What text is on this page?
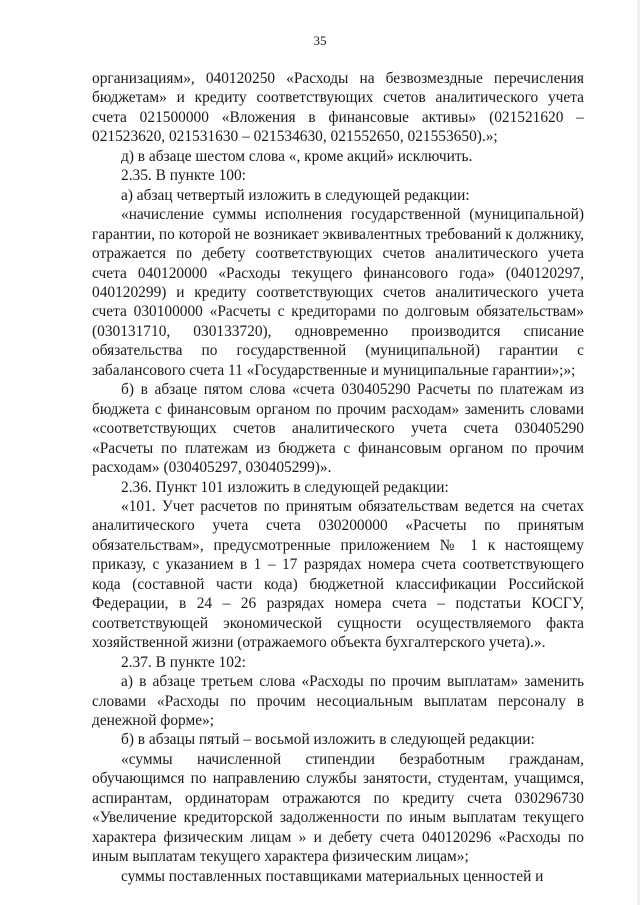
35

организациям», 040120250 «Расходы на безвозмездные перечисления бюджетам» и кредиту соответствующих счетов аналитического учета счета 021500000 «Вложения в финансовые активы» (021521620 – 021523620, 021531630 – 021534630, 021552650, 021553650).»;

д) в абзаце шестом слова «, кроме акций» исключить.

2.35. В пункте 100:

а) абзац четвертый изложить в следующей редакции:

«начисление суммы исполнения государственной (муниципальной) гарантии, по которой не возникает эквивалентных требований к должнику, отражается по дебету соответствующих счетов аналитического учета счета 040120000 «Расходы текущего финансового года» (040120297, 040120299) и кредиту соответствующих счетов аналитического учета счета 030100000 «Расчеты с кредиторами по долговым обязательствам» (030131710, 030133720), одновременно производится списание обязательства по государственной (муниципальной) гарантии с забалансового счета 11 «Государственные и муниципальные гарантии»;»;

б) в абзаце пятом слова «счета 030405290 Расчеты по платежам из бюджета с финансовым органом по прочим расходам» заменить словами «соответствующих счетов аналитического учета счета 030405290 «Расчеты по платежам из бюджета с финансовым органом по прочим расходам» (030405297, 030405299)».

2.36. Пункт 101 изложить в следующей редакции:

«101. Учет расчетов по принятым обязательствам ведется на счетах аналитического учета счета 030200000 «Расчеты по принятым обязательствам», предусмотренные приложением № 1 к настоящему приказу, с указанием в 1 – 17 разрядах номера счета соответствующего кода (составной части кода) бюджетной классификации Российской Федерации, в 24 – 26 разрядах номера счета – подстатьи КОСГУ, соответствующей экономической сущности осуществляемого факта хозяйственной жизни (отражаемого объекта бухгалтерского учета).».

2.37. В пункте 102:

а) в абзаце третьем слова «Расходы по прочим выплатам» заменить словами «Расходы по прочим несоциальным выплатам персоналу в денежной форме»;

б) в абзацы пятый – восьмой изложить в следующей редакции:

«суммы начисленной стипендии безработным гражданам, обучающимся по направлению службы занятости, студентам, учащимся, аспирантам, ординаторам отражаются по кредиту счета 030296730 «Увеличение кредиторской задолженности по иным выплатам текущего характера физическим лицам » и дебету счета 040120296 «Расходы по иным выплатам текущего характера физическим лицам»;

суммы поставленных поставщиками материальных ценностей и
